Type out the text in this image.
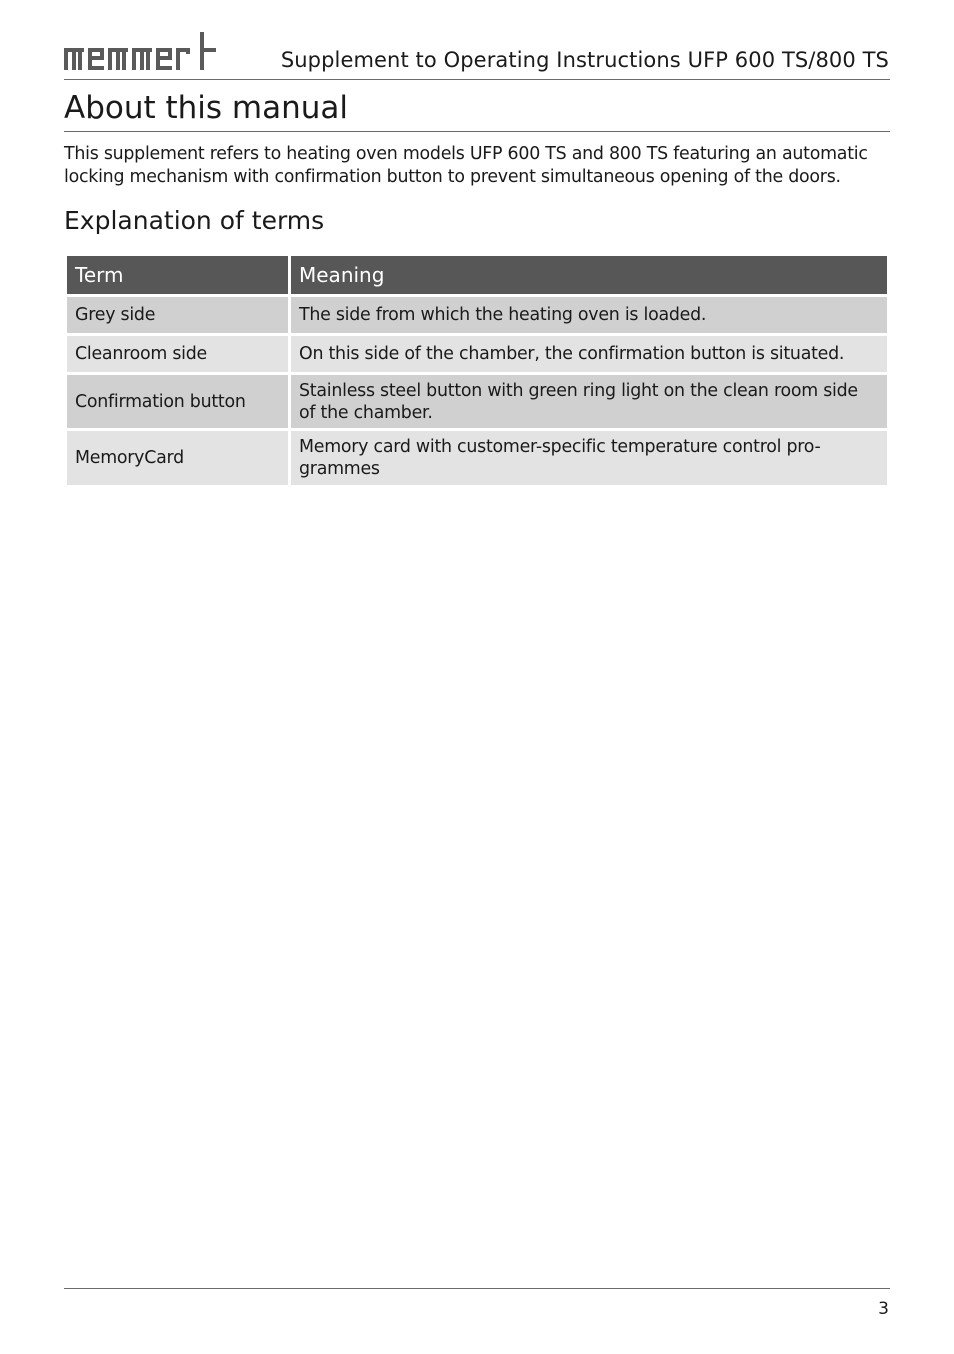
Supplement to Operating Instructions UFP 600 TS/800 TS
About this manual

This supplement refers to heating oven models UFP 600 TS and 800 TS featuring an automatic locking mechanism with confirmation button to prevent simultaneous opening of the doors.

Explanation of terms
Term	Meaning
Grey side	The side from which the heating oven is loaded.
Cleanroom side	On this side of the chamber, the confirmation button is situated.
Confirmation button	Stainless steel button with green ring light on the clean room side of the chamber.
MemoryCard	Memory card with customer-specific temperature control pro-grammes
3
